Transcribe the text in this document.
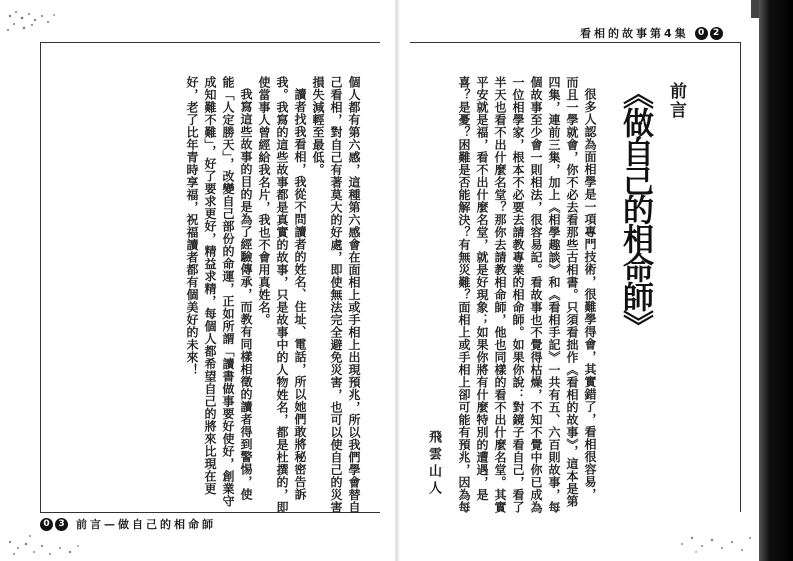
看相的故事第4集	0 2
0 3	前言—做自己的相命師
前言
《做自己的相命師》
很多人認為面相學是一項專門技術，很難學得會，其實錯了，看相很容易，
而且一學就會，你不必去看那些古相書。只須看拙作《看相的故事》，這本是第
四集，連前三集，加上《相學趣談》和《看相手記》一共有五、六百則故事，每
個故事至少會一則相法，很容易記。看故事也不覺得枯燥，不知不覺中你已成為
一位相學家，根本不必要去請教專業的相命師。如果你說：對鏡子看自己，看了
半天也看不出什麼名堂？那你去請教相命師，他也同樣的看不出什麼名堂。其實
平安就是福，看不出什麼名堂，就是好現象；如果你將有什麼特別的遭遇，是
喜？是憂？困難是否能解決？有無災難？面相上或手相上卻可能有預兆，因為每
飛雲山人
個人都有第六感，這種第六感會在面相上或手相上出現預兆，所以我們學會替自
己看相，對自己有著莫大的好處，即使無法完全避免災害，也可以使自己的災害
損失減輕至最低。
讀者找我看相，我從不問讀者的姓名、住址、電話，所以她們敢將秘密告訴
我。我寫的這些故事都是真實的故事，只是故事中的人物姓名，都是杜撰的，即
使當事人曾經給我名片，我也不會用真姓名。
我寫這些故事的目的是為了經驗傳承，而教有同樣相徵的讀者得到警惕，使
能「人定勝天」，改變自己部份的命運，正如所謂「讀書做事要好使好，創業守
成知難不難」，好了要求更好，精益求精，每個人都希望自己的將來比現在更
好，老了比年青時享福，祝福讀者都有個美好的未來！
